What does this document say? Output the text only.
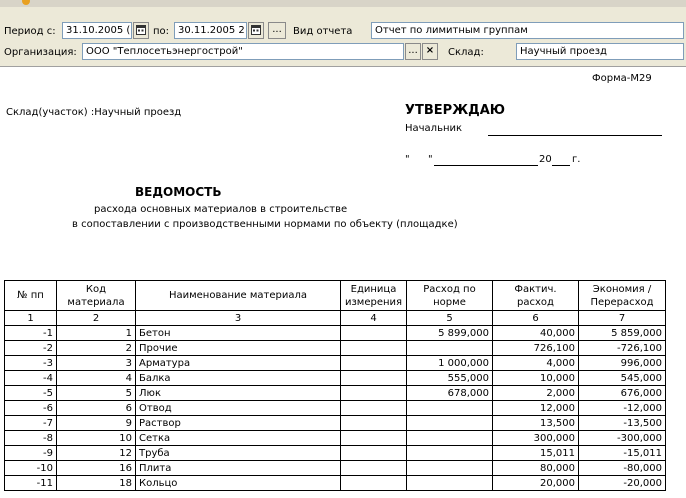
Период с:	31.10.2005 ( по: 30.11.2005 2	...	Вид отчета	Отчет по лимитным группам
Организация: ООО "Теплосетьэнергострой"	... ×	Склад:	Научный проезд
Форма-М29
Склад(участок) :Научный проезд	УТВЕРЖДАЮ
Начальник
" "	20 г.
ВЕДОМОСТЬ
расхода основных материалов в строительстве
в сопоставлении с производственными нормами по объекту (площадке)
№ пп	Код материала	Наименование материала	Единица измерения	Расход по норме	Фактич. расход	Экономия / Перерасход
1	2	3	4	5	6	7
-1	1	Бетон		5 899,000	40,000	5 859,000
-2	2	Прочие			726,100	-726,100
-3	3	Арматура		1 000,000	4,000	996,000
-4	4	Балка		555,000	10,000	545,000
-5	5	Люк		678,000	2,000	676,000
-6	6	Отвод			12,000	-12,000
-7	9	Раствор			13,500	-13,500
-8	10	Сетка			300,000	-300,000
-9	12	Труба			15,011	-15,011
-10	16	Плита			80,000	-80,000
-11	18	Кольцо			20,000	-20,000
